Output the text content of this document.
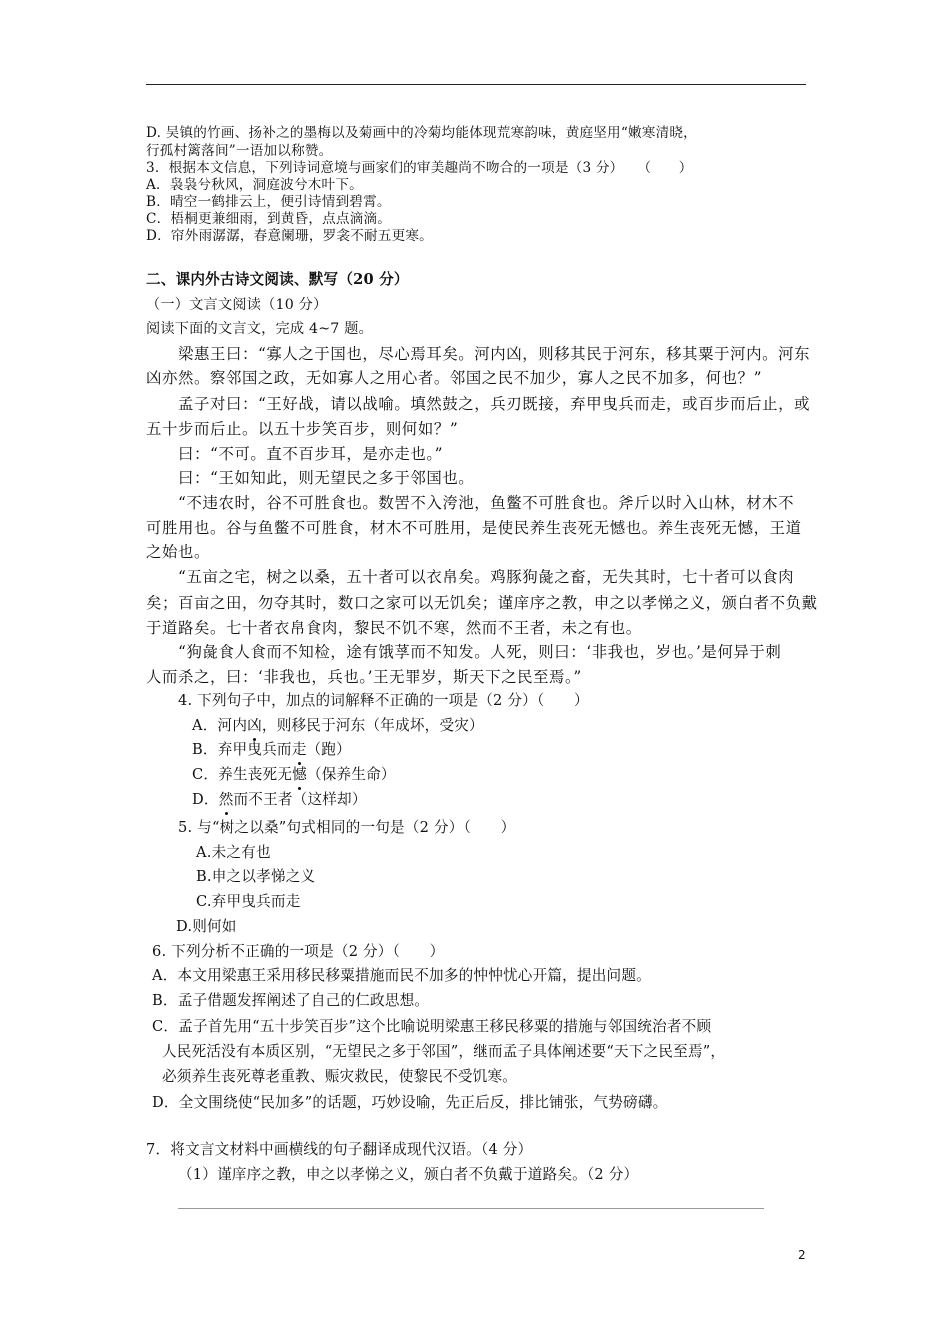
D. 吴镇的竹画、扬补之的墨梅以及菊画中的冷菊均能体现荒寒韵味，黄庭坚用“嫩寒清晓，
行孤村篱落间”一语加以称赞。
3．根据本文信息，下列诗词意境与画家们的审美趣尚不吻合的一项是（3 分）　　（　　）
A．袅袅兮秋风，洞庭波兮木叶下。
B．晴空一鹤排云上，便引诗情到碧霄。
C．梧桐更兼细雨，到黄昏，点点滴滴。
D．帘外雨潺潺，春意阑珊，罗衾不耐五更寒。
二、课内外古诗文阅读、默写（20 分）
（一）文言文阅读（10 分）
阅读下面的文言文，完成 4~7 题。
梁惠王曰：“寡人之于国也，尽心焉耳矣。河内凶，则移其民于河东，移其粟于河内。河东
凶亦然。察邻国之政，无如寡人之用心者。邻国之民不加少，寡人之民不加多，何也？”
孟子对曰：“王好战，请以战喻。填然鼓之，兵刃既接，弃甲曳兵而走，或百步而后止，或
五十步而后止。以五十步笑百步，则何如？”
曰：“不可。直不百步耳，是亦走也。”
曰：“王如知此，则无望民之多于邻国也。
“不违农时，谷不可胜食也。数罟不入洿池，鱼鳖不可胜食也。斧斤以时入山林，材木不
可胜用也。谷与鱼鳖不可胜食，材木不可胜用，是使民养生丧死无憾也。养生丧死无憾，王道
之始也。
“五亩之宅，树之以桑，五十者可以衣帛矣。鸡豚狗彘之畜，无失其时，七十者可以食肉
矣；百亩之田，勿夺其时，数口之家可以无饥矣；谨庠序之教，申之以孝悌之义，颁白者不负戴
于道路矣。七十者衣帛食肉，黎民不饥不寒，然而不王者，未之有也。
“狗彘食人食而不知检，途有饿莩而不知发。人死，则曰：‘非我也，岁也。’是何异于刺
人而杀之，曰：‘非我也，兵也。’王无罪岁，斯天下之民至焉。”
4. 下列句子中，加点的词解释不正确的一项是（2 分）（　　）
A．河内凶，则移民于河东（年成坏，受灾）
B．弃甲曳兵而走（跑）
C．养生丧死无憾（保养生命）
D．然而不王者（这样却）
5. 与“树之以桑”句式相同的一句是（2 分）（　　）
A.未之有也
B.申之以孝悌之义
C.弃甲曳兵而走
D.则何如
6. 下列分析不正确的一项是（2 分）（　　）
A．本文用梁惠王采用移民移粟措施而民不加多的忡忡忧心开篇，提出问题。
B．孟子借题发挥阐述了自己的仁政思想。
C．孟子首先用“五十步笑百步”这个比喻说明梁惠王移民移粟的措施与邻国统治者不顾
人民死活没有本质区别，“无望民之多于邻国”，继而孟子具体阐述要“天下之民至焉”，
必须养生丧死尊老重教、赈灾救民，使黎民不受饥寒。
D．全文围绕使“民加多”的话题，巧妙设喻，先正后反，排比铺张，气势磅礴。
7．将文言文材料中画横线的句子翻译成现代汉语。（4 分）
（1）谨庠序之教，申之以孝悌之义，颁白者不负戴于道路矣。（2 分）
2
